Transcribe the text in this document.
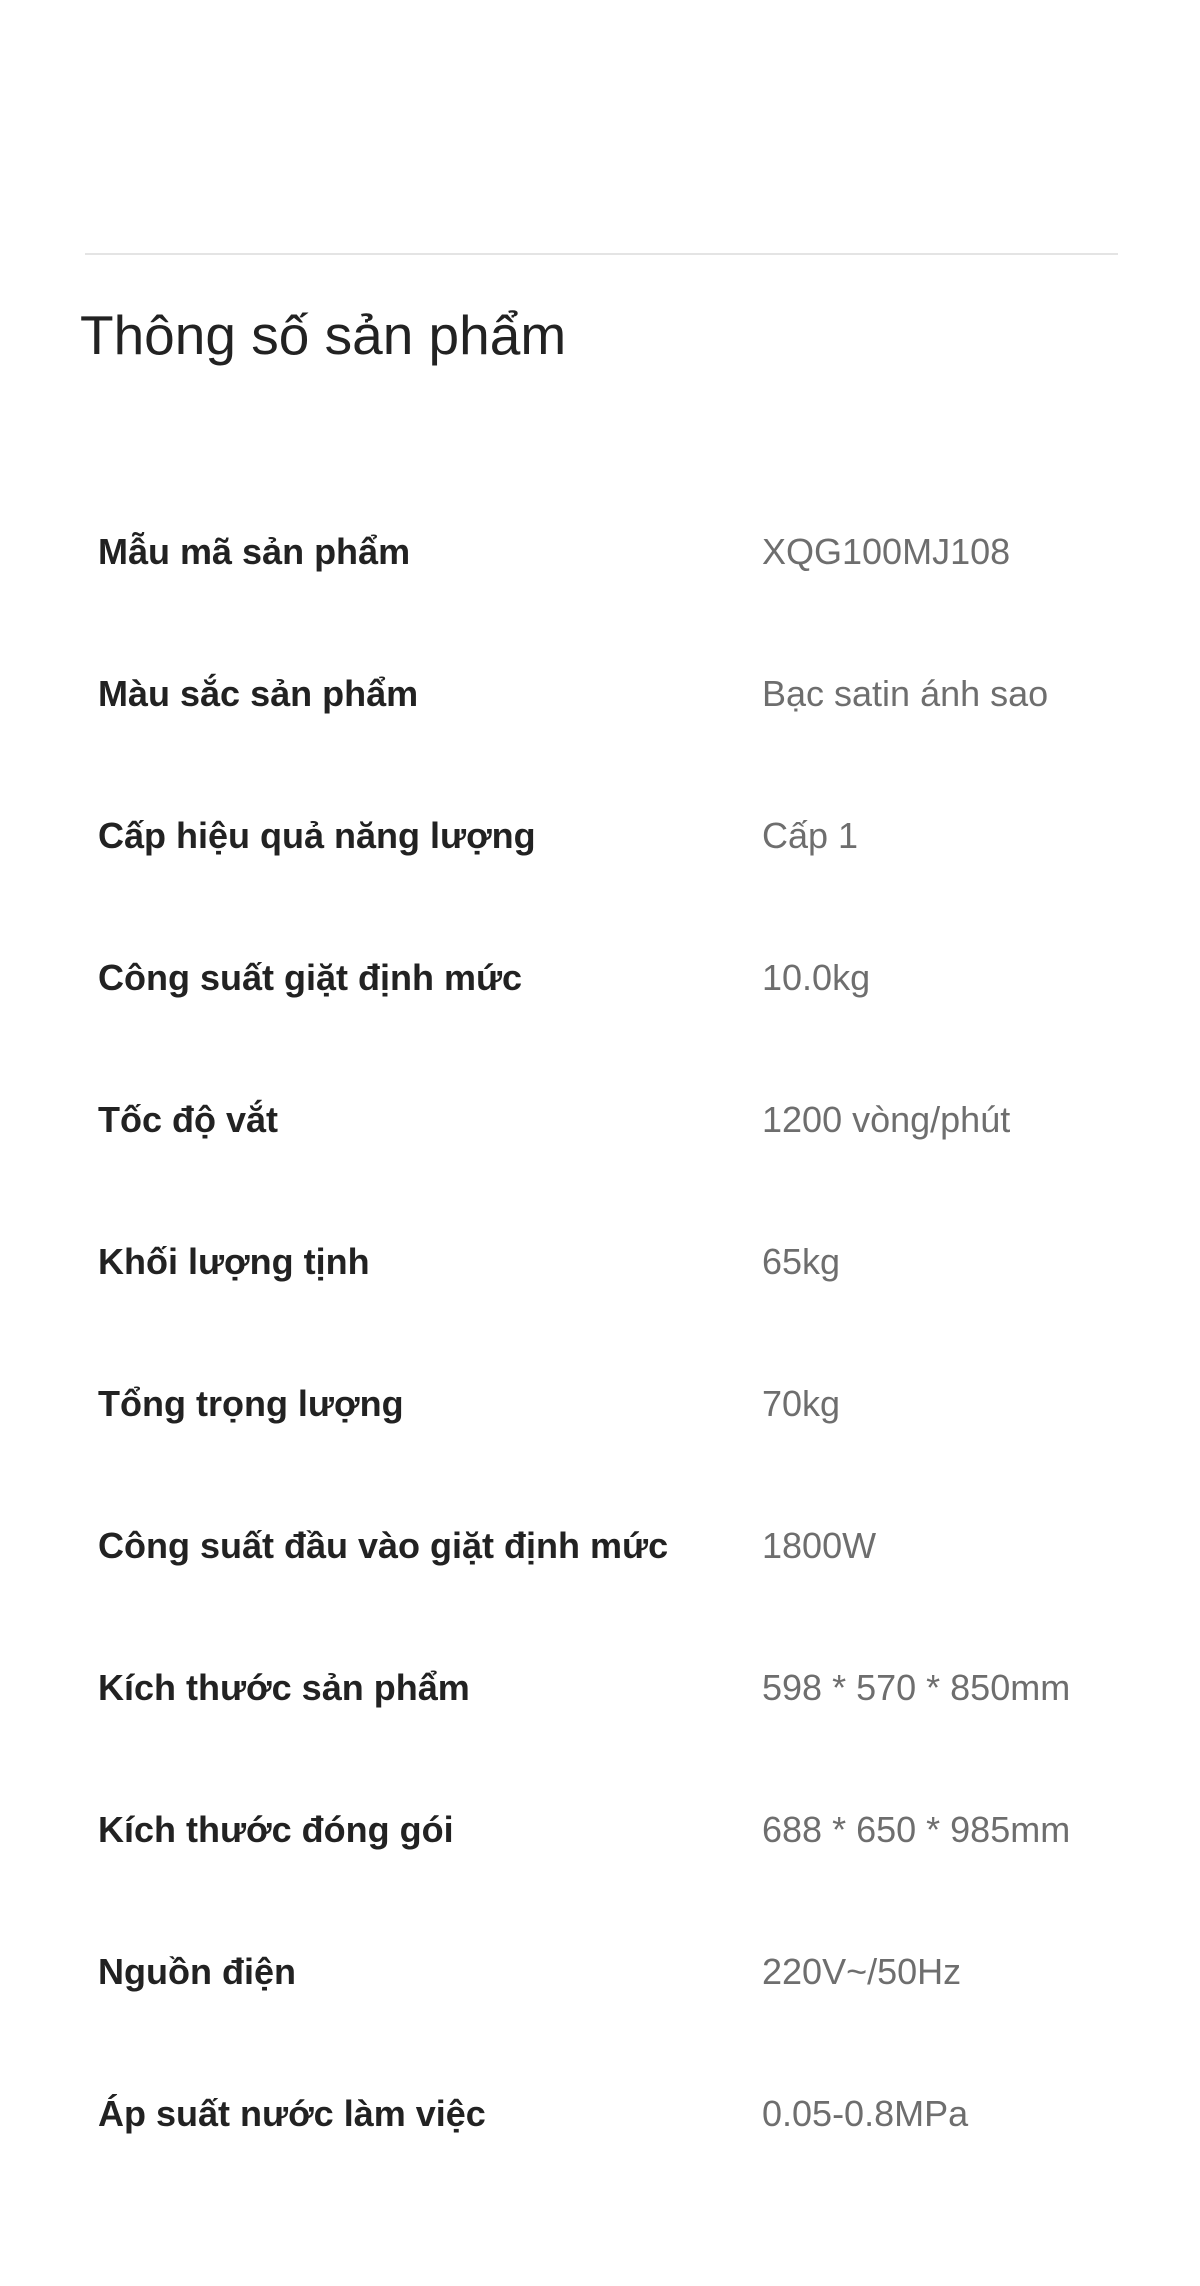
Thông số sản phẩm
Mẫu mã sản phẩm	XQG100MJ108
Màu sắc sản phẩm	Bạc satin ánh sao
Cấp hiệu quả năng lượng	Cấp 1
Công suất giặt định mức	10.0kg
Tốc độ vắt	1200 vòng/phút
Khối lượng tịnh	65kg
Tổng trọng lượng	70kg
Công suất đầu vào giặt định mức	1800W
Kích thước sản phẩm	598 * 570 * 850mm
Kích thước đóng gói	688 * 650 * 985mm
Nguồn điện	220V~/50Hz
Áp suất nước làm việc	0.05-0.8MPa
